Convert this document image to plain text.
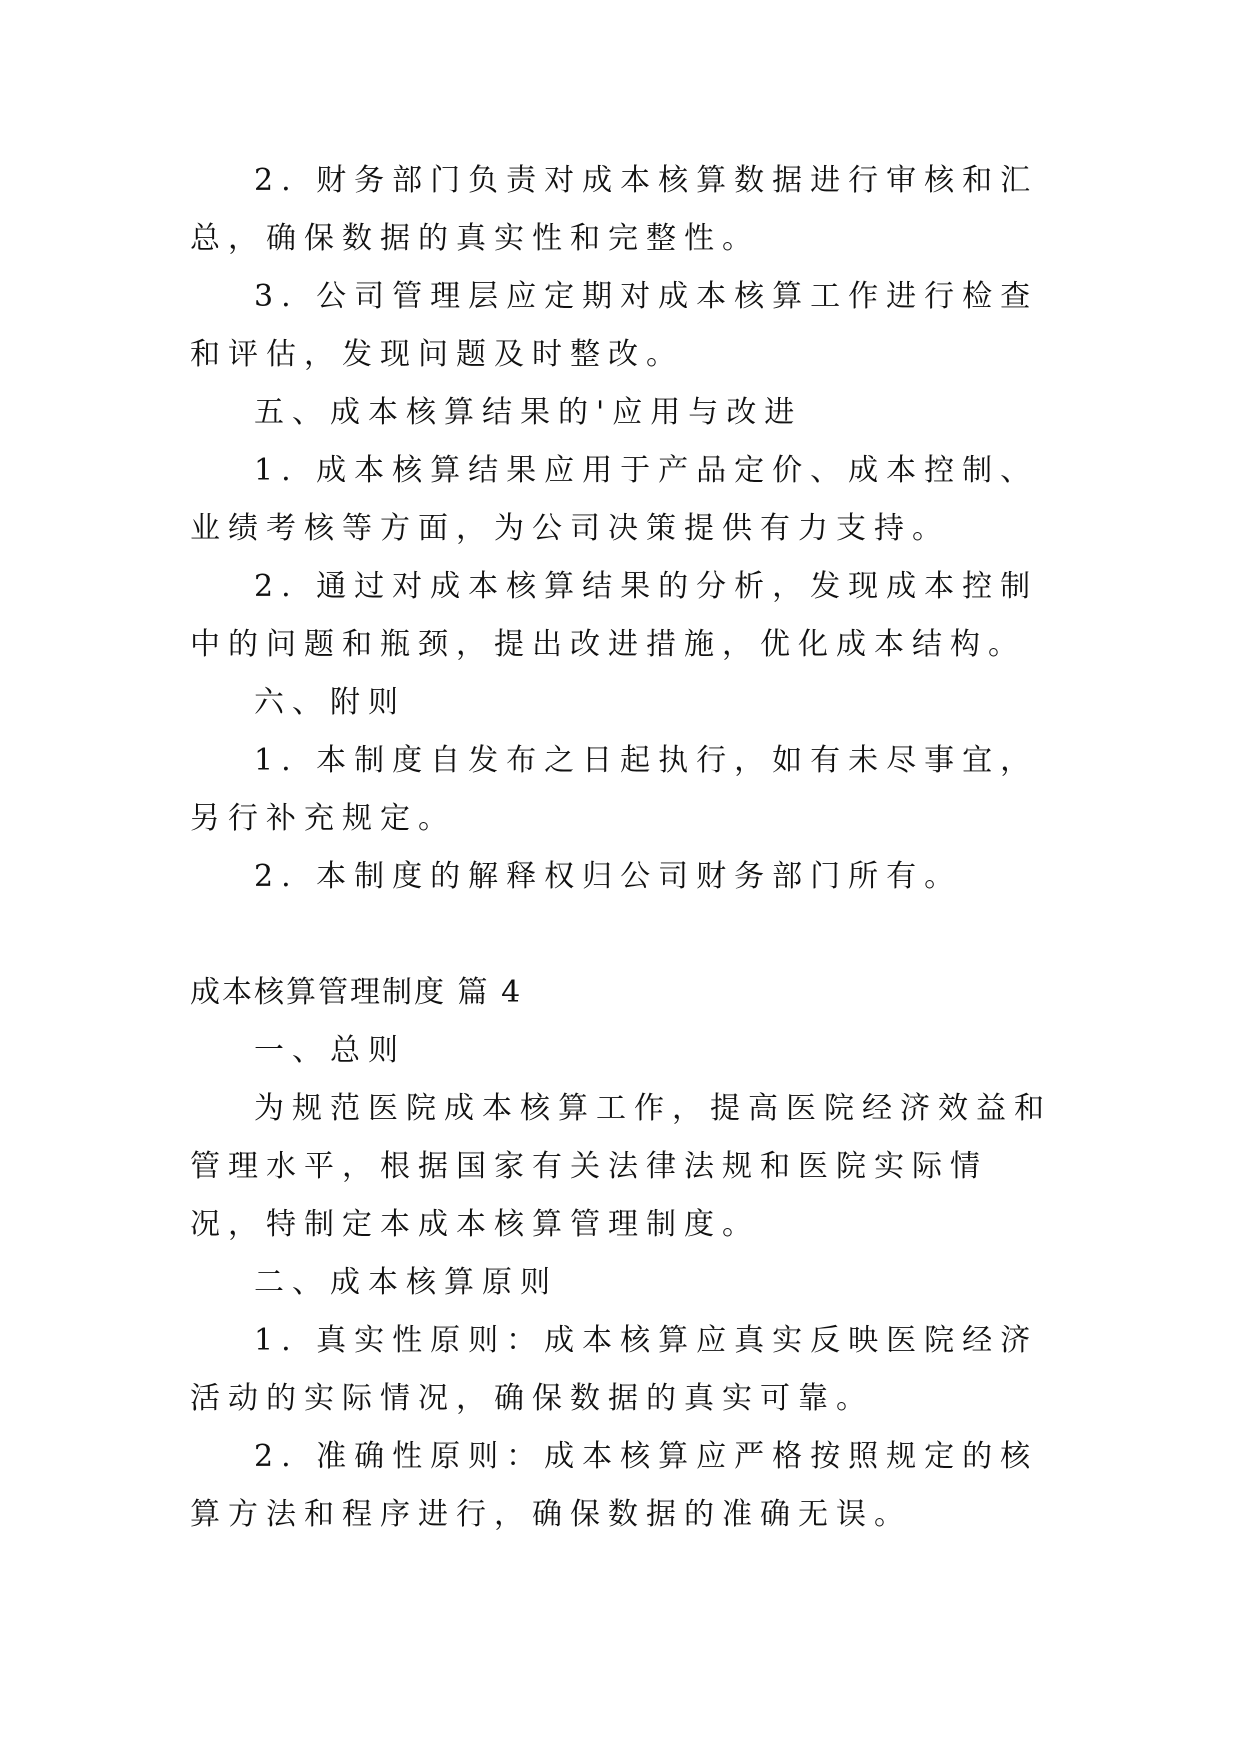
2. 财务部门负责对成本核算数据进行审核和汇总，确保数据的真实性和完整性。

3. 公司管理层应定期对成本核算工作进行检查和评估，发现问题及时整改。

五、成本核算结果的'应用与改进

1. 成本核算结果应用于产品定价、成本控制、业绩考核等方面，为公司决策提供有力支持。

2. 通过对成本核算结果的分析，发现成本控制中的问题和瓶颈，提出改进措施，优化成本结构。

六、附则

1. 本制度自发布之日起执行，如有未尽事宜，另行补充规定。

2. 本制度的解释权归公司财务部门所有。

成本核算管理制度 篇 4

一、总则

为规范医院成本核算工作，提高医院经济效益和管理水平，根据国家有关法律法规和医院实际情况，特制定本成本核算管理制度。

二、成本核算原则

1. 真实性原则：成本核算应真实反映医院经济活动的实际情况，确保数据的真实可靠。

2. 准确性原则：成本核算应严格按照规定的核算方法和程序进行，确保数据的准确无误。
